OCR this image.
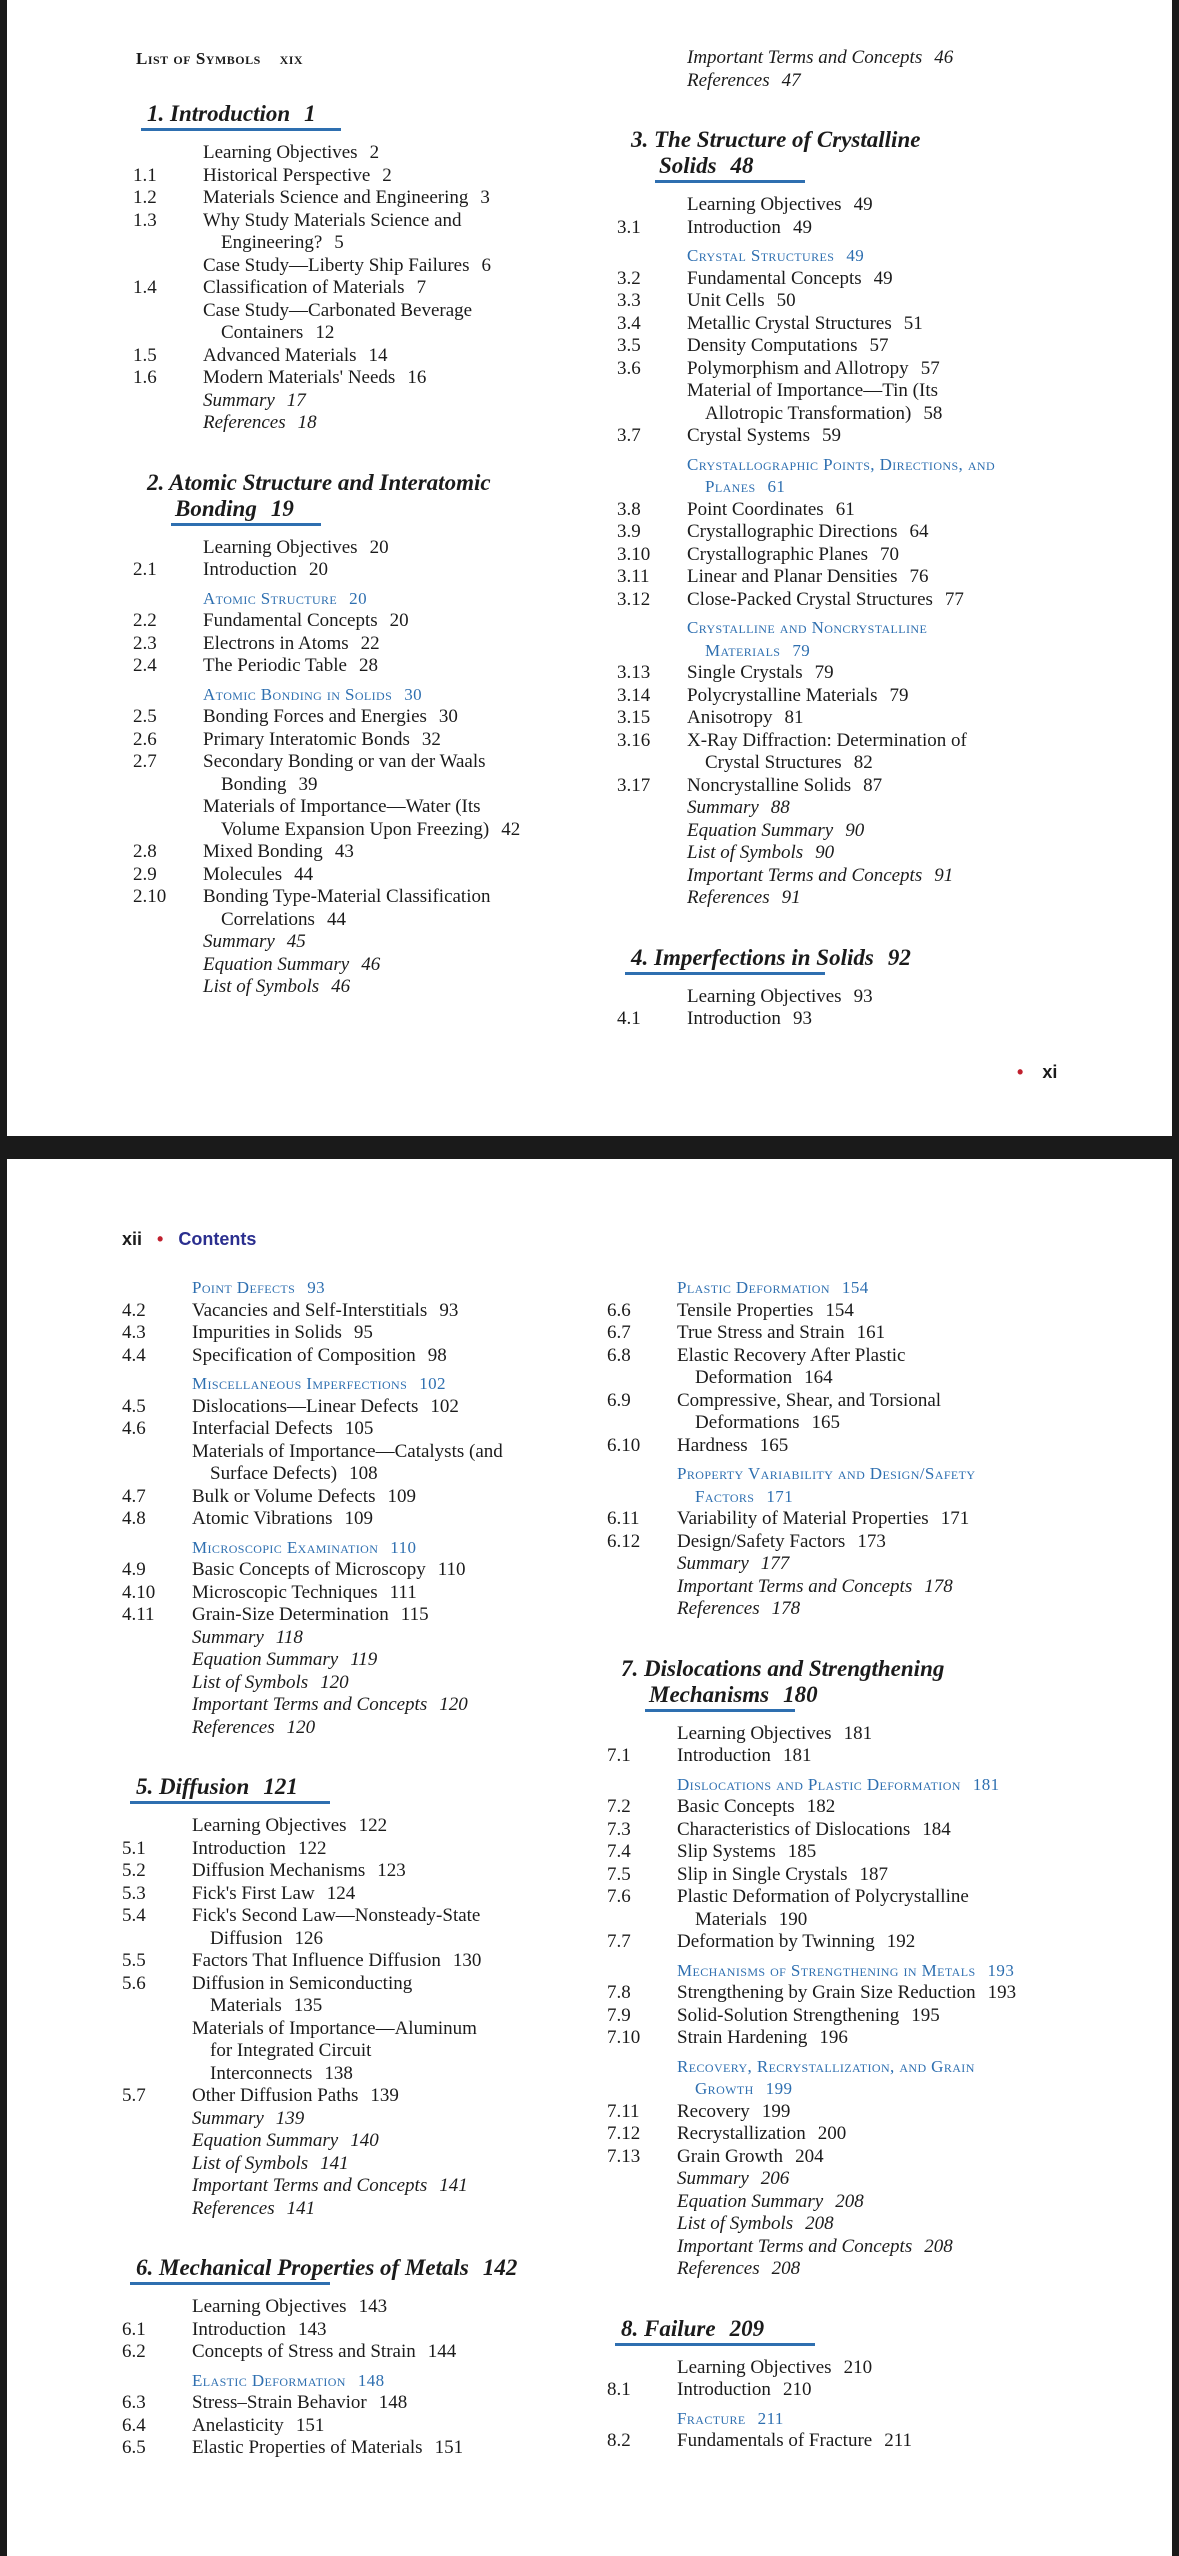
List of Symbols xix
1. Introduction 1
Learning Objectives 2
1.1 Historical Perspective 2
1.2 Materials Science and Engineering 3
1.3 Why Study Materials Science and
Engineering? 5
Case Study—Liberty Ship Failures 6
1.4 Classification of Materials 7
Case Study—Carbonated Beverage
Containers 12
1.5 Advanced Materials 14
1.6 Modern Materials' Needs 16
Summary 17
References 18
2. Atomic Structure and Interatomic
Bonding 19
Learning Objectives 20
2.1 Introduction 20
Atomic Structure 20
2.2 Fundamental Concepts 20
2.3 Electrons in Atoms 22
2.4 The Periodic Table 28
Atomic Bonding in Solids 30
2.5 Bonding Forces and Energies 30
2.6 Primary Interatomic Bonds 32
2.7 Secondary Bonding or van der Waals
Bonding 39
Materials of Importance—Water (Its
Volume Expansion Upon Freezing) 42
2.8 Mixed Bonding 43
2.9 Molecules 44
2.10 Bonding Type-Material Classification
Correlations 44
Summary 45
Equation Summary 46
List of Symbols 46
Important Terms and Concepts 46
References 47
3. The Structure of Crystalline
Solids 48
Learning Objectives 49
3.1 Introduction 49
Crystal Structures 49
3.2 Fundamental Concepts 49
3.3 Unit Cells 50
3.4 Metallic Crystal Structures 51
3.5 Density Computations 57
3.6 Polymorphism and Allotropy 57
Material of Importance—Tin (Its
Allotropic Transformation) 58
3.7 Crystal Systems 59
Crystallographic Points, Directions, and
Planes 61
3.8 Point Coordinates 61
3.9 Crystallographic Directions 64
3.10 Crystallographic Planes 70
3.11 Linear and Planar Densities 76
3.12 Close-Packed Crystal Structures 77
Crystalline and Noncrystalline
Materials 79
3.13 Single Crystals 79
3.14 Polycrystalline Materials 79
3.15 Anisotropy 81
3.16 X-Ray Diffraction: Determination of
Crystal Structures 82
3.17 Noncrystalline Solids 87
Summary 88
Equation Summary 90
List of Symbols 90
Important Terms and Concepts 91
References 91
4. Imperfections in Solids 92
Learning Objectives 93
4.1 Introduction 93
• xi
xii • Contents
Point Defects 93
4.2 Vacancies and Self-Interstitials 93
4.3 Impurities in Solids 95
4.4 Specification of Composition 98
Miscellaneous Imperfections 102
4.5 Dislocations—Linear Defects 102
4.6 Interfacial Defects 105
Materials of Importance—Catalysts (and
Surface Defects) 108
4.7 Bulk or Volume Defects 109
4.8 Atomic Vibrations 109
Microscopic Examination 110
4.9 Basic Concepts of Microscopy 110
4.10 Microscopic Techniques 111
4.11 Grain-Size Determination 115
Summary 118
Equation Summary 119
List of Symbols 120
Important Terms and Concepts 120
References 120
5. Diffusion 121
Learning Objectives 122
5.1 Introduction 122
5.2 Diffusion Mechanisms 123
5.3 Fick's First Law 124
5.4 Fick's Second Law—Nonsteady-State
Diffusion 126
5.5 Factors That Influence Diffusion 130
5.6 Diffusion in Semiconducting
Materials 135
Materials of Importance—Aluminum
for Integrated Circuit
Interconnects 138
5.7 Other Diffusion Paths 139
Summary 139
Equation Summary 140
List of Symbols 141
Important Terms and Concepts 141
References 141
6. Mechanical Properties of Metals 142
Learning Objectives 143
6.1 Introduction 143
6.2 Concepts of Stress and Strain 144
Elastic Deformation 148
6.3 Stress–Strain Behavior 148
6.4 Anelasticity 151
6.5 Elastic Properties of Materials 151
Plastic Deformation 154
6.6 Tensile Properties 154
6.7 True Stress and Strain 161
6.8 Elastic Recovery After Plastic
Deformation 164
6.9 Compressive, Shear, and Torsional
Deformations 165
6.10 Hardness 165
Property Variability and Design/Safety
Factors 171
6.11 Variability of Material Properties 171
6.12 Design/Safety Factors 173
Summary 177
Important Terms and Concepts 178
References 178
7. Dislocations and Strengthening
Mechanisms 180
Learning Objectives 181
7.1 Introduction 181
Dislocations and Plastic Deformation 181
7.2 Basic Concepts 182
7.3 Characteristics of Dislocations 184
7.4 Slip Systems 185
7.5 Slip in Single Crystals 187
7.6 Plastic Deformation of Polycrystalline
Materials 190
7.7 Deformation by Twinning 192
Mechanisms of Strengthening in Metals 193
7.8 Strengthening by Grain Size Reduction 193
7.9 Solid-Solution Strengthening 195
7.10 Strain Hardening 196
Recovery, Recrystallization, and Grain
Growth 199
7.11 Recovery 199
7.12 Recrystallization 200
7.13 Grain Growth 204
Summary 206
Equation Summary 208
List of Symbols 208
Important Terms and Concepts 208
References 208
8. Failure 209
Learning Objectives 210
8.1 Introduction 210
Fracture 211
8.2 Fundamentals of Fracture 211
